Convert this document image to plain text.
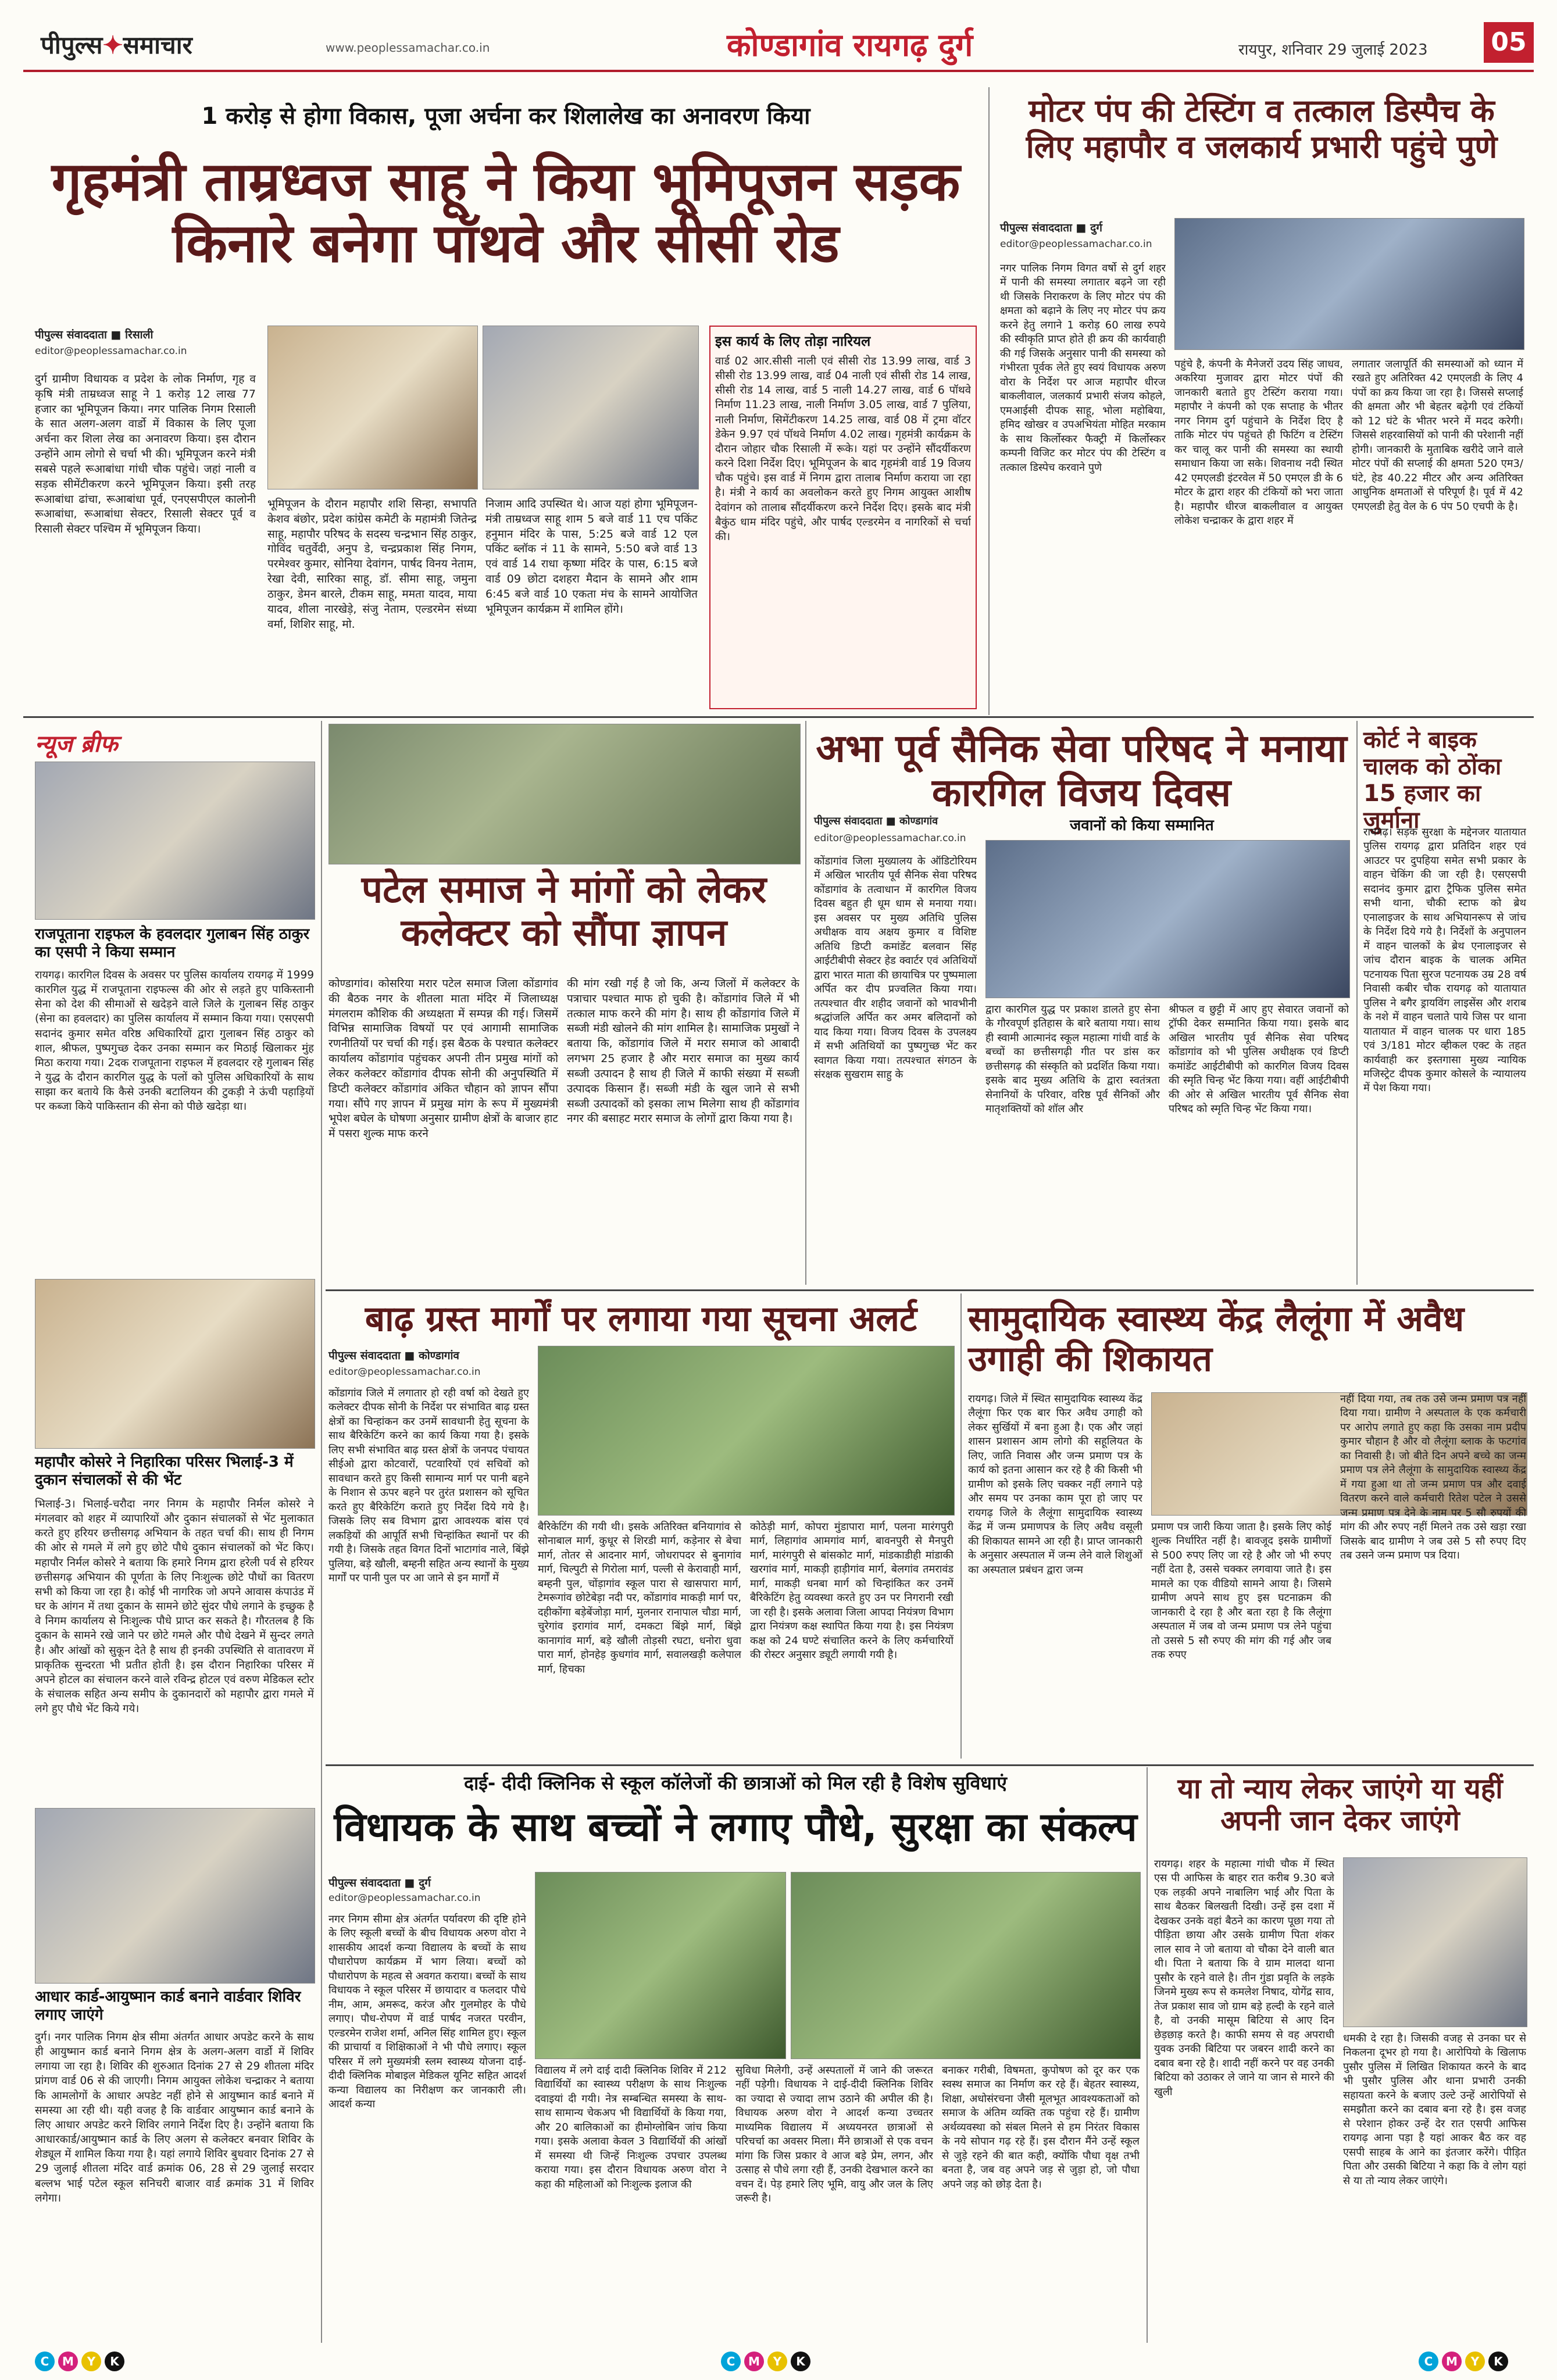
पीपुल्स✦समाचार	www.peoplessamachar.co.in	कोण्डागांव रायगढ़ दुर्ग	रायपुर, शनिवार 29 जुलाई 2023 05
1 करोड़ से होगा विकास, पूजा अर्चना कर शिलालेख का अनावरण किया
गृहमंत्री ताम्रध्वज साहू ने किया भूमिपूजन सड़क किनारे बनेगा पॉथवे और सीसी रोड
पीपुल्स संवाददाता ■ रिसाली
editor@peoplessamachar.co.in
दुर्ग ग्रामीण विधायक व प्रदेश के लोक निर्माण, गृह व कृषि मंत्री ताम्रध्वज साहू ने 1 करोड़ 12 लाख 77 हजार का भूमिपूजन किया। नगर पालिक निगम रिसाली के सात अलग-अलग वार्डो में विकास के लिए पूजा अर्चना कर शिला लेख का अनावरण किया। इस दौरान उन्होंने आम लोगो से चर्चा भी की। भूमिपूजन करने मंत्री सबसे पहले रूआबांधा गांधी चौक पहुंचे। जहां नाली व सड़क सीमेंटीकरण करने भूमिपूजन किया। इसी तरह रूआबांधा ढांचा, रूआबांधा पूर्व, एनएसपीएल कालोनी रूआबांधा, रूआबांधा सेक्टर, रिसाली सेक्टर पूर्व व रिसाली सेक्टर पश्चिम में भूमिपूजन किया।
भूमिपूजन के दौरान महापौर शशि सिन्हा, सभापति केशव बंछोर, प्रदेश कांग्रेस कमेटी के महामंत्री जितेन्द्र साहू, महापौर परिषद के सदस्य चन्द्रभान सिंह ठाकुर, गोविंद चतुर्वेदी, अनुप डे, चन्द्रप्रकाश सिंह निगम, परमेश्वर कुमार, सोनिया देवांगन, पार्षद विनय नेताम, रेखा देवी, सारिका साहू, डॉ. सीमा साहू, जमुना ठाकुर, डेमन बारले, टीकम साहू, ममता यादव, माया यादव, शीला नारखेड़े, संजु नेताम, एल्डरमेन संध्या वर्मा, शिशिर साहू, मो.
निजाम आदि उपस्थित थे। आज यहां होगा भूमिपूजन-मंत्री ताम्रध्वज साहू शाम 5 बजे वार्ड 11 एच पकिंट हनुमान मंदिर के पास, 5:25 बजे वार्ड 12 एल पकिंट ब्लॉक नं 11 के सामने, 5:50 बजे वार्ड 13 एवं वार्ड 14 राधा कृष्णा मंदिर के पास, 6:15 बजे वार्ड 09 छोटा दशहरा मैदान के सामने और शाम 6:45 बजे वार्ड 10 एकता मंच के सामने आयोजित भूमिपूजन कार्यक्रम में शामिल होंगे।
इस कार्य के लिए तोड़ा नारियल
वार्ड 02 आर.सीसी नाली एवं सीसी रोड 13.99 लाख, वार्ड 3 सीसी रोड 13.99 लाख, वार्ड 04 नाली एवं सीसी रोड 14 लाख, सीसी रोड 14 लाख, वार्ड 5 नाली 14.27 लाख, वार्ड 6 पॉथवे निर्माण 11.23 लाख, नाली निर्माण 3.05 लाख, वार्ड 7 पुलिया, नाली निर्माण, सिमेंटीकरण 14.25 लाख, वार्ड 08 में ट्रमा वॉटर डेकेन 9.97 एवं पॉथवे निर्माण 4.02 लाख। गृहमंत्री कार्यक्रम के दौरान जोहार चौक रिसाली में रूके। यहां पर उन्होंने सौंदर्यीकरण करने दिशा निर्देश दिए। भूमिपूजन के बाद गृहमंत्री वार्ड 19 विजय चौक पहुंचे। इस वार्ड में निगम द्वारा तालाब निर्माण कराया जा रहा है। मंत्री ने कार्य का अवलोकन करते हुए निगम आयुक्त आशीष देवांगन को तालाब सौंदर्यीकरण करने निर्देश दिए। इसके बाद मंत्री बैकुंठ धाम मंदिर पहुंचे, और पार्षद एल्डरमेन व नागरिकों से चर्चा की।
मोटर पंप की टेस्टिंग व तत्काल डिस्पैच के लिए महापौर व जलकार्य प्रभारी पहुंचे पुणे
पीपुल्स संवाददाता ■ दुर्ग
editor@peoplessamachar.co.in
नगर पालिक निगम विगत वर्षो से दुर्ग शहर में पानी की समस्या लगातार बढ़ने जा रही थी जिसके निराकरण के लिए मोटर पंप की क्षमता को बढ़ाने के लिए नए मोटर पंप क्रय करने हेतु लगाने 1 करोड़ 60 लाख रुपये की स्वीकृति प्राप्त होते ही क्रय की कार्यवाही की गई जिसके अनुसार पानी की समस्या को गंभीरता पूर्वक लेते हुए स्वयं विधायक अरुण वोरा के निर्देश पर आज महापौर धीरज बाकलीवाल, जलकार्य प्रभारी संजय कोहले, एमआईसी दीपक साहू, भोला महोबिया, हमिद खोखर व उपअभियंता मोहित मरकाम के साथ किर्लोस्कर फैक्ट्री में किर्लोस्कर कम्पनी विजिट कर मोटर पंप की टेस्टिंग व तत्काल डिस्पेच करवाने पुणे
पहुंचे है, कंपनी के मैनेजरों उदय सिंह जाधव, अकरिया मुजावर द्वारा मोटर पंपों की जानकारी बताते हुए टेस्टिंग कराया गया। महापौर ने कंपनी को एक सप्ताह के भीतर नगर निगम दुर्ग पहुंचाने के निर्देश दिए है ताकि मोटर पंप पहुंचते ही फिटिंग व टेस्टिंग कर चालू कर पानी की समस्या का स्थायी समाधान किया जा सके। शिवनाथ नदी स्थित 42 एमएलडी इंटरवेल में 50 एमएल डी के 6 मोटर के द्वारा शहर की टंकियों को भरा जाता है। महापौर धीरज बाकलीवाल व आयुक्त लोकेश चन्द्राकर के द्वारा शहर में
लगातार जलापूर्ति की समस्याओं को ध्यान में रखते हुए अतिरिक्त 42 एमएलडी के लिए 4 पंपों का क्रय किया जा रहा है। जिससे सप्लाई की क्षमता और भी बेहतर बढ़ेगी एवं टंकियों को 12 घंटे के भीतर भरने में मदद करेगी। जिससे शहरवासियों को पानी की परेशानी नहीं होगी। जानकारी के मुताबिक खरीदे जाने वाले मोटर पंपों की सप्लाई की क्षमता 520 एम3/घंटे, हेड 40.22 मीटर और अन्य अतिरिक्त आधुनिक क्षमताओं से परिपूर्ण है। पूर्व में 42 एमएलडी हेतु वेल के 6 पंप 50 एचपी के है।
न्यूज ब्रीफ
राजपूताना राइफल के हवलदार गुलाबन सिंह ठाकुर का एसपी ने किया सम्मान
रायगढ़। कारगिल दिवस के अवसर पर पुलिस कार्यालय रायगढ़ में 1999 कारगिल युद्ध में राजपूताना राइफल्स की ओर से लड़ते हुए पाकिस्तानी सेना को देश की सीमाओं से खदेड़ने वाले जिले के गुलाबन सिंह ठाकुर (सेना का हवलदार) का पुलिस कार्यालय में सम्मान किया गया। एसएसपी सदानंद कुमार समेत वरिष्ठ अधिकारियों द्वारा गुलाबन सिंह ठाकुर को शाल, श्रीफल, पुष्पगुच्छ देकर उनका सम्मान कर मिठाई खिलाकर मुंह मिठा कराया गया। 2दक राजपूताना राइफल में हवलदार रहे गुलाबन सिंह ने युद्ध के दौरान कारगिल युद्ध के पलों को पुलिस अधिकारियों के साथ साझा कर बताये कि कैसे उनकी बटालियन की टुकड़ी ने ऊंची पहाड़ियों पर कब्जा किये पाकिस्तान की सेना को पीछे खदेड़ा था।
महापौर कोसरे ने निहारिका परिसर भिलाई-3 में दुकान संचालकों से की भेंट
भिलाई-3। भिलाई-चरौदा नगर निगम के महापौर निर्मल कोसरे ने मंगलवार को शहर में व्यापारियों और दुकान संचालकों से भेंट मुलाकात करते हुए हरियर छत्तीसगढ़ अभियान के तहत चर्चा की। साथ ही निगम की ओर से गमले में लगे हुए छोटे पौधे दुकान संचालकों को भेंट किए। महापौर निर्मल कोसरे ने बताया कि हमारे निगम द्वारा हरेली पर्व से हरियर छत्तीसगढ़ अभियान की पूर्णता के लिए निःशुल्क छोटे पौधों का वितरण सभी को किया जा रहा है। कोई भी नागरिक जो अपने आवास कंपाउंड में घर के आंगन में तथा दुकान के सामने छोटे सुंदर पौधे लगाने के इच्छुक है वे निगम कार्यालय से निःशुल्क पौधे प्राप्त कर सकते है। गौरतलब है कि दुकान के सामने रखे जाने पर छोटे गमले और पौधे देखने में सुन्दर लगते है। और आंखों को सुकून देते है साथ ही इनकी उपस्थिति से वातावरण में प्राकृतिक सुन्दरता भी प्रतीत होती है। इस दौरान निहारिका परिसर में अपने होटल का संचालन करने वाले रविन्द्र होटल एवं वरुण मेडिकल स्टोर के संचालक सहित अन्य समीप के दुकानदारों को महापौर द्वारा गमले में लगे हुए पौधे भेंट किये गये।
आधार कार्ड-आयुष्मान कार्ड बनाने वार्डवार शिविर लगाए जाएंगे
दुर्ग। नगर पालिक निगम क्षेत्र सीमा अंतर्गत आधार अपडेट करने के साथ ही आयुष्मान कार्ड बनाने निगम क्षेत्र के अलग-अलग वार्डो में शिविर लगाया जा रहा है। शिविर की शुरुआत दिनांक 27 से 29 शीतला मंदिर प्रांगण वार्ड 06 से की जाएगी। निगम आयुक्त लोकेश चन्द्राकर ने बताया कि आमलोगों के आधार अपडेट नहीं होने से आयुष्मान कार्ड बनाने में समस्या आ रही थी। यही वजह है कि वार्डवार आयुष्मान कार्ड बनाने के लिए आधार अपडेट करने शिविर लगाने निर्देश दिए है। उन्होंने बताया कि आधारकार्ड/आयुष्मान कार्ड के लिए अलग से कलेक्टर बनवार शिविर के शेड्यूल में शामिल किया गया है। यहां लगाये शिविर बुधवार दिनांक 27 से 29 जुलाई शीतला मंदिर वार्ड क्रमांक 06, 28 से 29 जुलाई सरदार बल्लभ भाई पटेल स्कूल सनिचरी बाजार वार्ड क्रमांक 31 में शिविर लगेगा।
पटेल समाज ने मांगों को लेकर कलेक्टर को सौंपा ज्ञापन
कोण्डागांव। कोसरिया मरार पटेल समाज जिला कोंडागांव की बैठक नगर के शीतला माता मंदिर में जिलाध्यक्ष मंगलराम कौशिक की अध्यक्षता में सम्पन्न की गई। जिसमें विभिन्न सामाजिक विषयों पर एवं आगामी सामाजिक रणनीतियों पर चर्चा की गई। इस बैठक के पश्चात कलेक्टर कार्यालय कोंडागांव पहुंचकर अपनी तीन प्रमुख मांगों को लेकर कलेक्टर कोंडागांव दीपक सोनी की अनुपस्थिति में डिप्टी कलेक्टर कोंडागांव अंकित चौहान को ज्ञापन सौंपा गया। सौंपे गए ज्ञापन में प्रमुख मांग के रूप में मुख्यमंत्री भूपेश बघेल के घोषणा अनुसार ग्रामीण क्षेत्रों के बाजार हाट में पसरा शुल्क माफ करने
की मांग रखी गई है जो कि, अन्य जिलों में कलेक्टर के पत्राचार पश्चात माफ हो चुकी है। कोंडागांव जिले में भी तत्काल माफ करने की मांग है। साथ ही कोंडागांव जिले में सब्जी मंडी खोलने की मांग शामिल है। सामाजिक प्रमुखों ने बताया कि, कोंडागांव जिले में मरार समाज को आबादी लगभग 25 हजार है और मरार समाज का मुख्य कार्य सब्जी उत्पादन है साथ ही जिले में काफी संख्या में सब्जी उत्पादक किसान हैं। सब्जी मंडी के खुल जाने से सभी सब्जी उत्पादकों को इसका लाभ मिलेगा साथ ही कोंडागांव नगर की बसाहट मरार समाज के लोगों द्वारा किया गया है।
अभा पूर्व सैनिक सेवा परिषद ने मनाया कारगिल विजय दिवस
पीपुल्स संवाददाता ■ कोण्डागांव
editor@peoplessamachar.co.in
जवानों को किया सम्मानित
कोंडागांव जिला मुख्यालय के ऑडिटोरियम में अखिल भारतीय पूर्व सैनिक सेवा परिषद कोंडागांव के तत्वाधान में कारगिल विजय दिवस बहुत ही धूम धाम से मनाया गया। इस अवसर पर मुख्य अतिथि पुलिस अधीक्षक वाय अक्षय कुमार व विशिष्ट अतिथि डिप्टी कमांडेंट बलवान सिंह आईटीबीपी सेक्टर हेड क्वार्टर एवं अतिथियों द्वारा भारत माता की छायाचित्र पर पुष्पमाला अर्पित कर दीप प्रज्वलित किया गया। तत्पश्चात वीर शहीद जवानों को भावभीनी श्रद्धांजलि अर्पित कर अमर बलिदानों को याद किया गया। विजय दिवस के उपलक्ष्य में सभी अतिथियों का पुष्पगुच्छ भेंट कर स्वागत किया गया। तत्पश्चात संगठन के संरक्षक सुखराम साहु के
द्वारा कारगिल युद्ध पर प्रकाश डालते हुए सेना के गौरवपूर्ण इतिहास के बारे बताया गया। साथ ही स्वामी आत्मानंद स्कूल महात्मा गांधी वार्ड के बच्चों का छत्तीसगढ़ी गीत पर डांस कर छत्तीसगढ़ की संस्कृति को प्रदर्शित किया गया। इसके बाद मुख्य अतिथि के द्वारा स्वतंत्रता सेनानियों के परिवार, वरिष्ठ पूर्व सैनिकों और मातृशक्तियों को शॉल और
श्रीफल व छुट्टी में आए हुए सेवारत जवानों को ट्रॉफी देकर सम्मानित किया गया। इसके बाद अखिल भारतीय पूर्व सैनिक सेवा परिषद कोंडागांव को भी पुलिस अधीक्षक एवं डिप्टी कमांडेंट आईटीबीपी को कारगिल विजय दिवस की स्मृति चिन्ह भेंट किया गया। वहीं आईटीबीपी की ओर से अखिल भारतीय पूर्व सैनिक सेवा परिषद को स्मृति चिन्ह भेंट किया गया।
कोर्ट ने बाइक चालक को ठोंका 15 हजार का जुर्माना
रायगढ़। सड़क सुरक्षा के मद्देनजर यातायात पुलिस रायगढ़ द्वारा प्रतिदिन शहर एवं आउटर पर दुपहिया समेत सभी प्रकार के वाहन चेकिंग की जा रही है। एसएसपी सदानंद कुमार द्वारा ट्रैफिक पुलिस समेत सभी थाना, चौकी स्टाफ को ब्रेथ एनालाइजर के साथ अभियानरूप से जांच के निर्देश दिये गये है। निर्देशों के अनुपालन में वाहन चालकों के ब्रेथ एनालाइजर से जांच दौरान बाइक के चालक अमित पटनायक पिता सुरज पटनायक उम्र 28 वर्ष निवासी कबीर चौक रायगढ़ को यातायात पुलिस ने बगैर ड्रायविंग लाइसेंस और शराब के नशे में वाहन चलाते पाये जिस पर थाना यातायात में वाहन चालक पर धारा 185 एवं 3/181 मोटर व्हीकल एक्ट के तहत कार्यवाही कर इस्तगासा मुख्य न्यायिक मजिस्ट्रेट दीपक कुमार कोसले के न्यायालय में पेश किया गया।
बाढ़ ग्रस्त मार्गों पर लगाया गया सूचना अलर्ट
पीपुल्स संवाददाता ■ कोण्डागांव
editor@peoplessamachar.co.in
कोंडागांव जिले में लगातार हो रही वर्षा को देखते हुए कलेक्टर दीपक सोनी के निर्देश पर संभावित बाढ़ ग्रस्त क्षेत्रों का चिन्हांकन कर उनमें सावधानी हेतु सूचना के साथ बैरिकेटिंग करने का कार्य किया गया है। इसके लिए सभी संभावित बाढ़ ग्रस्त क्षेत्रों के जनपद पंचायत सीईओ द्वारा कोटवारों, पटवारियों एवं सचिवों को सावधान करते हुए किसी सामान्य मार्ग पर पानी बहने के निशान से ऊपर बहने पर तुरंत प्रशासन को सूचित करते हुए बैरिकेटिंग कराते हुए निर्देश दिये गये है। जिसके लिए सब विभाग द्वारा आवश्यक बांस एवं लकड़ियों की आपूर्ति सभी चिन्हांकित स्थानों पर की गयी है। जिसके तहत विगत दिनों भाटागांव नाले, बिंझे पुलिया, बड़े खौली, बम्हनी सहित अन्य स्थानों के मुख्य मार्गों पर पानी पुल पर आ जाने से इन मार्गों में
बैरिकेटिंग की गयी थी। इसके अतिरिक्त बनियागांव से सोनाबाल मार्ग, कुधूर से शिरडी मार्ग, कड़ेनार से बेचा मार्ग, तोतर से आदनार मार्ग, जोधरापदर से बुनागांव मार्ग, चिल्पुटी से गिरोला मार्ग, पल्ली से केरावाही मार्ग, बम्हनी पुल, चोंड़ागांव स्कूल पारा से खासपारा मार्ग, टेमरूगांव छोटेबेड़ा नदी पर, कोंडागांव माकड़ी मार्ग पर, दहीकोंगा बड़ेबेंजोड़ा मार्ग, मुलनार रानापाल चौडा मार्ग, चुरेगांव इरागांव मार्ग, दमकटा बिंझे मार्ग, बिंझे कानागांव मार्ग, बड़े खौली तोड़सी रघटा, धनोरा धुवा पारा मार्ग, होनहेड़ कुधगांव मार्ग, सवालखड़ी कलेपाल मार्ग, हिचका
कोठेड़ी मार्ग, कोपरा मुंडापारा मार्ग, पलना मारंगपुरी मार्ग, लिहागांव आमगांव मार्ग, बावनपुरी से मैनपुरी मार्ग, मारंगपुरी से बांसकोट मार्ग, मांडकाडीही मांडाकी खरगांव मार्ग, माकड़ी हाड़ीगांव मार्ग, बेलगांव तमरावंड मार्ग, माकड़ी धनबा मार्ग को चिन्हांकित कर उनमें बैरिकेटिंग हेतु व्यवस्था करते हुए उन पर निगरानी रखी जा रही है। इसके अलावा जिला आपदा नियंत्रण विभाग द्वारा नियंत्रण कक्ष स्थापित किया गया है। इस नियंत्रण कक्ष को 24 घण्टे संचालित करने के लिए कर्मचारियों की रोस्टर अनुसार ड्यूटी लगायी गयी है।
सामुदायिक स्वास्थ्य केंद्र लैलूंगा में अवैध उगाही की शिकायत
रायगढ़। जिले में स्थित सामुदायिक स्वास्थ्य केंद्र लैलूंगा फिर एक बार फिर अवैध उगाही को लेकर सुर्खियों में बना हुआ है। एक और जहां शासन प्रशासन आम लोगो की सहूलियत के लिए, जाति निवास और जन्म प्रमाण पत्र के कार्य को इतना आसान कर रहे है की किसी भी ग्रामीण को इसके लिए चक्कर नहीं लगाने पड़े और समय पर उनका काम पूरा हो जाए पर रायगढ़ जिले के लैलूंगा सामुदायिक स्वास्थ्य केंद्र में जन्म प्रमाणपत्र के लिए अवैध वसूली की शिकायत सामने आ रही है। प्राप्त जानकारी के अनुसार अस्पताल में जन्म लेने वाले शिशुओं का अस्पताल प्रबंधन द्वारा जन्म
प्रमाण पत्र जारी किया जाता है। इसके लिए कोई शुल्क निर्धारित नहीं है। बावजूद इसके ग्रामीणों से 500 रुपए लिए जा रहे है और जो भी रुपए नहीं देता है, उससे चक्कर लगवाया जाते है। इस मामले का एक वीडियो सामने आया है। जिसमे ग्रामीण अपने साथ हुए इस घटनाक्रम की जानकारी दे रहा है और बता रहा है कि लैलूंगा अस्पताल में जब वो जन्म प्रमाण पत्र लेने पहुंचा तो उससे 5 सौ रुपए की मांग की गई और जब तक रुपए
नहीं दिया गया, तब तक उसे जन्म प्रमाण पत्र नहीं दिया गया। ग्रामीण ने अस्पताल के एक कर्मचारी पर आरोप लगाते हुए कहा कि उसका नाम प्रदीप कुमार चौहान है और वो लैलूंगा ब्लाक के फटगांव का निवासी है। जो बीते दिन अपने बच्चे का जन्म प्रमाण पत्र लेने लैलूंगा के सामुदायिक स्वास्थ्य केंद्र में गया हुआ था तो जन्म प्रमाण पत्र और दवाई वितरण करने वाले कर्मचारी रितेश पटेल ने उससे जन्म प्रमाण पत्र देने के नाम पर 5 सौ रुपयों की मांग की और रुपए नहीं मिलने तक उसे खड़ा रखा जिसके बाद ग्रामीण ने जब उसे 5 सौ रुपए दिए तब उसने जन्म प्रमाण पत्र दिया।
दाई- दीदी क्लिनिक से स्कूल कॉलेजों की छात्राओं को मिल रही है विशेष सुविधाएं
विधायक के साथ बच्चों ने लगाए पौधे, सुरक्षा का संकल्प
पीपुल्स संवाददाता ■ दुर्ग
editor@peoplessamachar.co.in
नगर निगम सीमा क्षेत्र अंतर्गत पर्यावरण की दृष्टि होने के लिए स्कूली बच्चों के बीच विधायक अरुण वोरा ने शासकीय आदर्श कन्या विद्यालय के बच्चों के साथ पौधारोपण कार्यक्रम में भाग लिया। बच्चों को पौधारोपण के महत्व से अवगत कराया। बच्चों के साथ विधायक ने स्कूल परिसर में छायादार व फलदार पौधे नीम, आम, अमरूद, करंज और गुलमोहर के पौधे लगाए। पौध-रोपण में वार्ड पार्षद नजरत परवीन, एल्डरमेन राजेश शर्मा, अनिल सिंह शामिल हुए। स्कूल की प्राचार्या व शिक्षिकाओं ने भी पौधे लगाए। स्कूल परिसर में लगे मुख्यमंत्री स्लम स्वास्थ्य योजना दाई-दीदी क्लिनिक मोबाइल मेडिकल यूनिट सहित आदर्श कन्या विद्यालय का निरीक्षण कर जानकारी ली। आदर्श कन्या
विद्यालय में लगे दाई दादी क्लिनिक शिविर में 212 विद्यार्थियों का स्वास्थ्य परीक्षण के साथ निःशुल्क दवाइयां दी गयी। नेत्र सम्बन्धित समस्या के साथ-साथ सामान्य चेकअप भी विद्यार्थियों के किया गया, और 20 बालिकाओं का हीमोग्लोबिन जांच किया गया। इसके अलावा केवल 3 विद्यार्थियों की आंखों में समस्या थी जिन्हें निःशुल्क उपचार उपलब्ध कराया गया। इस दौरान विधायक अरुण वोरा ने कहा की महिलाओं को निःशुल्क इलाज की
सुविधा मिलेगी, उन्हें अस्पतालों में जाने की जरूरत नहीं पड़ेगी। विधायक ने दाई-दीदी क्लिनिक शिविर का ज्यादा से ज्यादा लाभ उठाने की अपील की है। विधायक अरुण वोरा ने आदर्श कन्या उच्चतर माध्यमिक विद्यालय में अध्ययनरत छात्राओं से परिचर्चा का अवसर मिला। मैंने छात्राओं से एक वचन मांगा कि जिस प्रकार वे आज बड़े प्रेम, लगन, और उत्साह से पौधे लगा रही हैं, उनकी देखभाल करने का वचन दें। पेड़ हमारे लिए भूमि, वायु और जल के लिए जरूरी है।
बनाकर गरीबी, विषमता, कुपोषण को दूर कर एक स्वस्थ समाज का निर्माण कर रहे हैं। बेहतर स्वास्थ्य, शिक्षा, अधोसंरचना जैसी मूलभूत आवश्यकताओं को समाज के अंतिम व्यक्ति तक पहुंचा रहे हैं। ग्रामीण अर्थव्यवस्था को संबल मिलने से हम निरंतर विकास के नये सोपान गढ़ रहे हैं। इस दौरान मैंने उन्हें स्कूल से जुड़े रहने की बात कही, क्योंकि पौधा वृक्ष तभी बनता है, जब वह अपने जड़ से जुड़ा हो, जो पौधा अपने जड़ को छोड़ देता है।
या तो न्याय लेकर जाएंगे या यहीं अपनी जान देकर जाएंगे
रायगढ़। शहर के महात्मा गांधी चौक में स्थित एस पी आफिस के बाहर रात करीब 9.30 बजे एक लड़की अपने नाबालिग भाई और पिता के साथ बैठकर बिलखती दिखी। उन्हें इस दशा में देखकर उनके वहां बैठने का कारण पूछा गया तो पीड़िता छाया और उसके ग्रामीण पिता शंकर लाल साव ने जो बताया वो चौका देने वाली बात थी। पिता ने बताया कि वे ग्राम मालदा थाना पुसौर के रहने वाले है। तीन गुंडा प्रवृति के लड़के जिनमे मुख्य रूप से कमलेश निषाद, योगेंद्र साव, तेज प्रकाश साव जो ग्राम बड़े हल्दी के रहने वाले है, वो उनकी मासूम बिटिया से आए दिन छेड़छाड़ करते है। काफी समय से वह अपराधी युवक उनकी बिटिया पर जबरन शादी करने का दबाव बना रहे है। शादी नहीं करने पर वह उनकी बिटिया को उठाकर ले जाने या जान से मारने की खुली
धमकी दे रहा है। जिसकी वजह से उनका घर से निकलना दूभर हो गया है। आरोपियो के खिलाफ पुसौर पुलिस में लिखित शिकायत करने के बाद भी पुसौर पुलिस और थाना प्रभारी उनकी सहायता करने के बजाए उल्टे उन्हें आरोपियों से समझौता करने का दबाव बना रहे है। इस वजह से परेशान होकर उन्हें देर रात एसपी आफिस रायगढ़ आना पड़ा है यहां आकर बैठ कर वह एसपी साहब के आने का इंतजार करेंगे। पीड़ित पिता और उसकी बिटिया ने कहा कि वे लोग यहां से या तो न्याय लेकर जाएंगे।
C	M	Y	K	C	M	Y	K	C	M	Y	K
